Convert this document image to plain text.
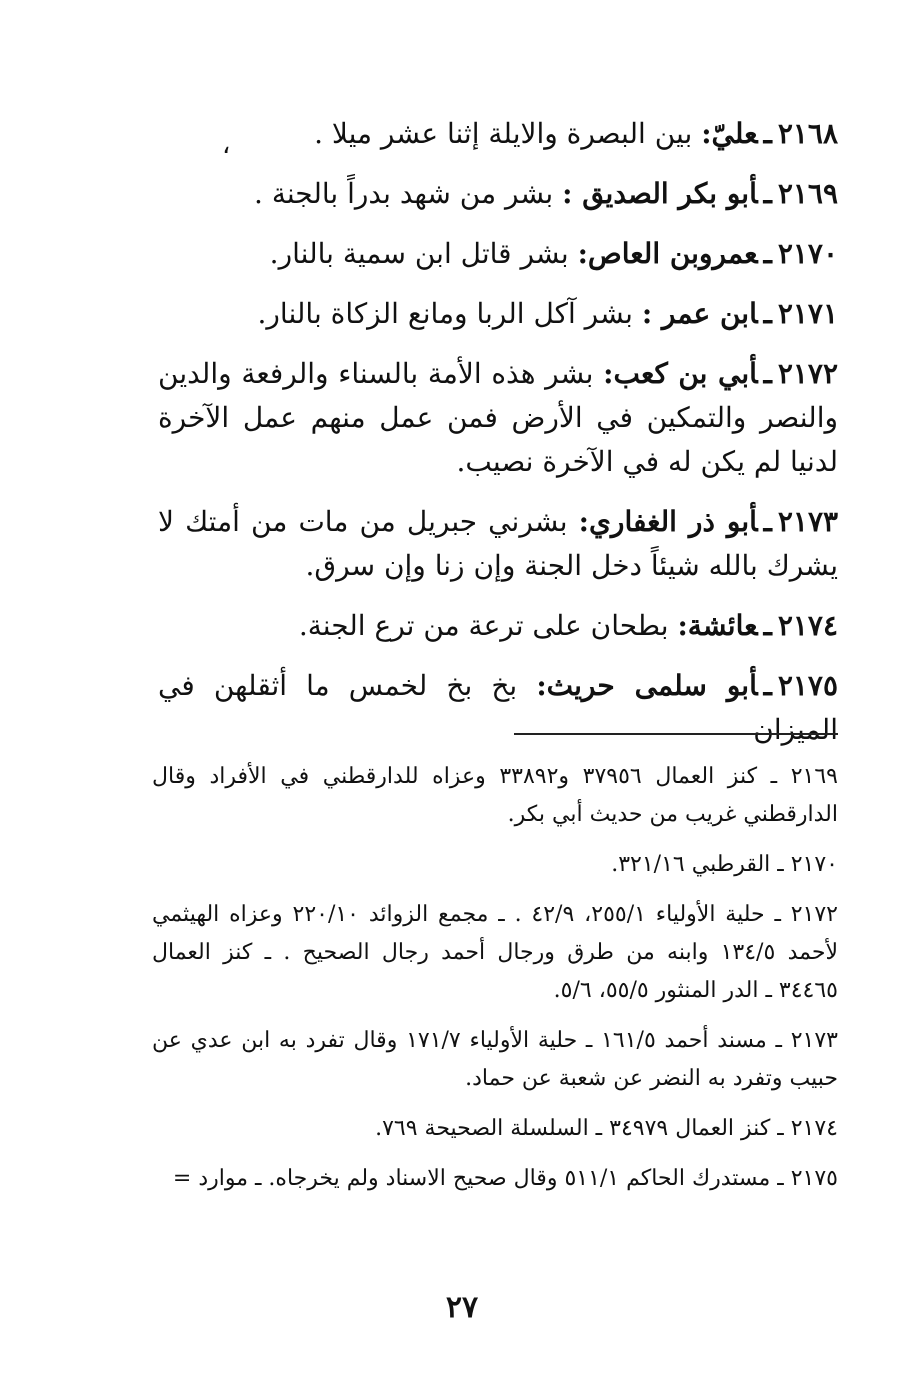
،	٢١٦٨ـعليّ: بين البصرة والايلة إثنا عشر ميلا .

٢١٦٩ـأبو بكر الصديق : بشر من شهد بدراً بالجنة .

٢١٧٠ـعمروبن العاص: بشر قاتل ابن سمية بالنار.

٢١٧١ـابن عمر : بشر آكل الربا ومانع الزكاة بالنار.

٢١٧٢ـأبي بن كعب: بشر هذه الأمة بالسناء والرفعة والدين والنصر والتمكين في الأرض فمن عمل منهم عمل الآخرة لدنيا لم يكن له في الآخرة نصيب.

٢١٧٣ـأبو ذر الغفاري: بشرني جبريل من مات من أمتك لا يشرك بالله شيئاً دخل الجنة وإن زنا وإن سرق.

٢١٧٤ـعائشة: بطحان على ترعة من ترع الجنة.

٢١٧٥ـأبو سلمى حريث: بخ بخ لخمس ما أثقلهن في الميزان

٢١٦٩ ـ كنز العمال ٣٧٩٥٦ و٣٣٨٩٢ وعزاه للدارقطني في الأفراد وقال الدارقطني غريب من حديث أبي بكر.

٢١٧٠ ـ القرطبي ٣٢١/١٦.

٢١٧٢ ـ حلية الأولياء ٢٥٥/١، ٤٢/٩ . ـ مجمع الزوائد ٢٢٠/١٠ وعزاه الهيثمي لأحمد ١٣٤/٥ وابنه من طرق ورجال أحمد رجال الصحيح . ـ كنز العمال ٣٤٤٦٥ ـ الدر المنثور ٥٥/٥، ٥/٦.

٢١٧٣ ـ مسند أحمد ١٦١/٥ ـ حلية الأولياء ١٧١/٧ وقال تفرد به ابن عدي عن حبيب وتفرد به النضر عن شعبة عن حماد.

٢١٧٤ ـ كنز العمال ٣٤٩٧٩ ـ السلسلة الصحيحة ٧٦٩.

٢١٧٥ ـ مستدرك الحاكم ٥١١/١ وقال صحيح الاسناد ولم يخرجاه. ـ موارد =

٢٧
